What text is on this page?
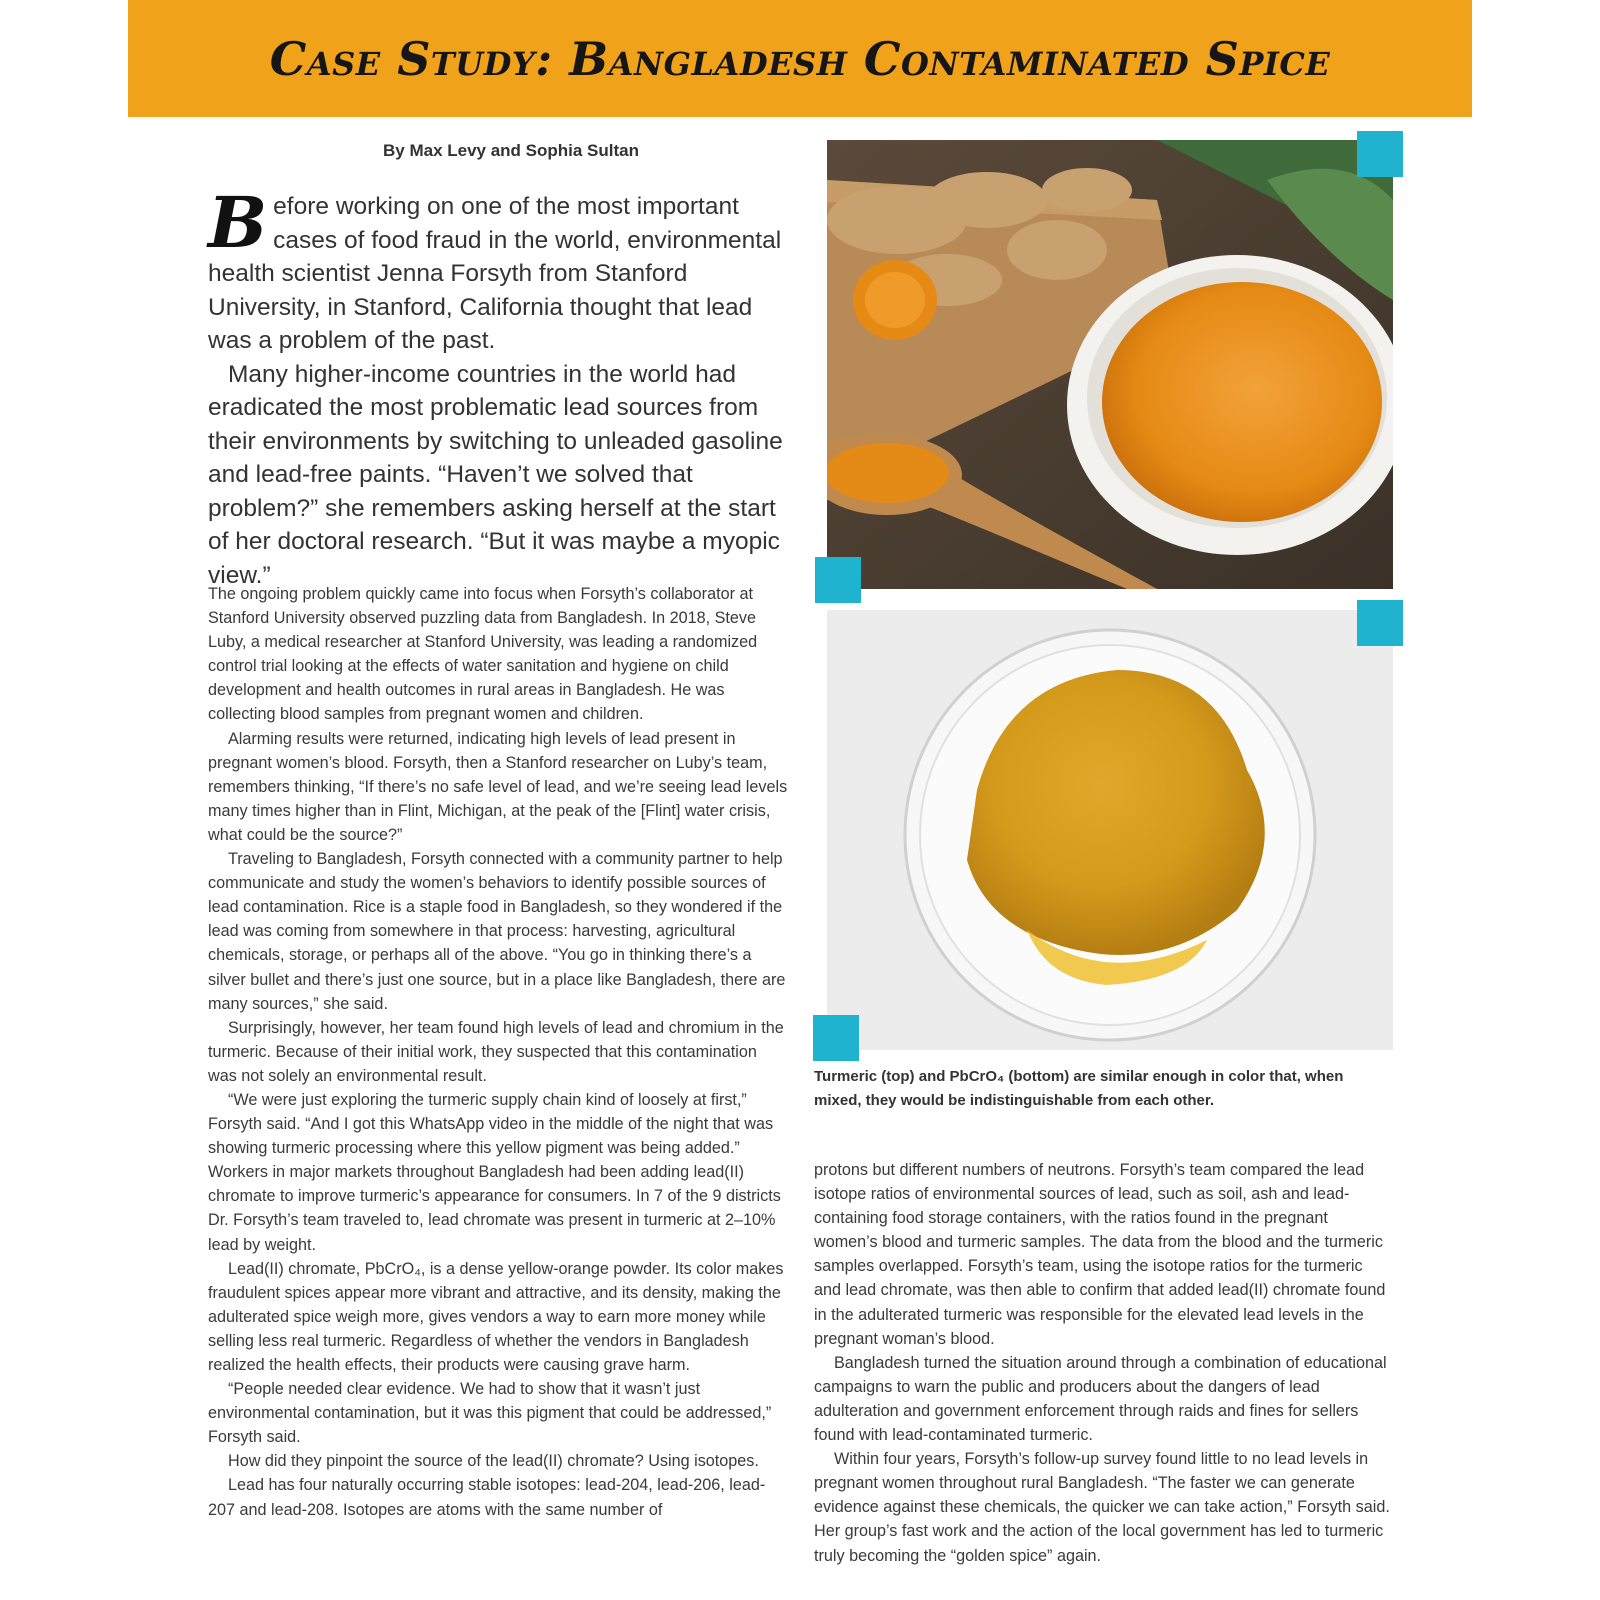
Case Study: Bangladesh Contaminated Spice
By Max Levy and Sophia Sultan

Before working on one of the most important cases of food fraud in the world, environmental health scientist Jenna Forsyth from Stanford University, in Stanford, California thought that lead was a problem of the past.

Many higher-income countries in the world had eradicated the most problematic lead sources from their environments by switching to unleaded gasoline and lead-free paints. “Haven’t we solved that problem?” she remembers asking herself at the start of her doctoral research. “But it was maybe a myopic view.”

The ongoing problem quickly came into focus when Forsyth’s collaborator at Stanford University observed puzzling data from Bangladesh. In 2018, Steve Luby, a medical researcher at Stanford University, was leading a randomized control trial looking at the effects of water sanitation and hygiene on child development and health outcomes in rural areas in Bangladesh. He was collecting blood samples from pregnant women and children.

Alarming results were returned, indicating high levels of lead present in pregnant women’s blood. Forsyth, then a Stanford researcher on Luby’s team, remembers thinking, “If there’s no safe level of lead, and we’re seeing lead levels many times higher than in Flint, Michigan, at the peak of the [Flint] water crisis, what could be the source?”

Traveling to Bangladesh, Forsyth connected with a community partner to help communicate and study the women’s behaviors to identify possible sources of lead contamination. Rice is a staple food in Bangladesh, so they wondered if the lead was coming from somewhere in that process: harvesting, agricultural chemicals, storage, or perhaps all of the above. “You go in thinking there’s a silver bullet and there’s just one source, but in a place like Bangladesh, there are many sources,” she said.

Surprisingly, however, her team found high levels of lead and chromium in the turmeric. Because of their initial work, they suspected that this contamination was not solely an environmental result.

“We were just exploring the turmeric supply chain kind of loosely at first,” Forsyth said. “And I got this WhatsApp video in the middle of the night that was showing turmeric processing where this yellow pigment was being added.” Workers in major markets throughout Bangladesh had been adding lead(II) chromate to improve turmeric’s appearance for consumers. In 7 of the 9 districts Dr. Forsyth’s team traveled to, lead chromate was present in turmeric at 2–10% lead by weight.

Lead(II) chromate, PbCrO₄, is a dense yellow-orange powder. Its color makes fraudulent spices appear more vibrant and attractive, and its density, making the adulterated spice weigh more, gives vendors a way to earn more money while selling less real turmeric. Regardless of whether the vendors in Bangladesh realized the health effects, their products were causing grave harm.

“People needed clear evidence. We had to show that it wasn’t just environmental contamination, but it was this pigment that could be addressed,” Forsyth said.

How did they pinpoint the source of the lead(II) chromate? Using isotopes.

Lead has four naturally occurring stable isotopes: lead-204, lead-206, lead-207 and lead-208. Isotopes are atoms with the same number of

Turmeric (top) and PbCrO₄ (bottom) are similar enough in color that, when mixed, they would be indistinguishable from each other.

protons but different numbers of neutrons. Forsyth’s team compared the lead isotope ratios of environmental sources of lead, such as soil, ash and lead-containing food storage containers, with the ratios found in the pregnant women’s blood and turmeric samples. The data from the blood and the turmeric samples overlapped. Forsyth’s team, using the isotope ratios for the turmeric and lead chromate, was then able to confirm that added lead(II) chromate found in the adulterated turmeric was responsible for the elevated lead levels in the pregnant woman’s blood.

Bangladesh turned the situation around through a combination of educational campaigns to warn the public and producers about the dangers of lead adulteration and government enforcement through raids and fines for sellers found with lead-contaminated turmeric.

Within four years, Forsyth’s follow-up survey found little to no lead levels in pregnant women throughout rural Bangladesh. “The faster we can generate evidence against these chemicals, the quicker we can take action,” Forsyth said. Her group’s fast work and the action of the local government has led to turmeric truly becoming the “golden spice” again.
